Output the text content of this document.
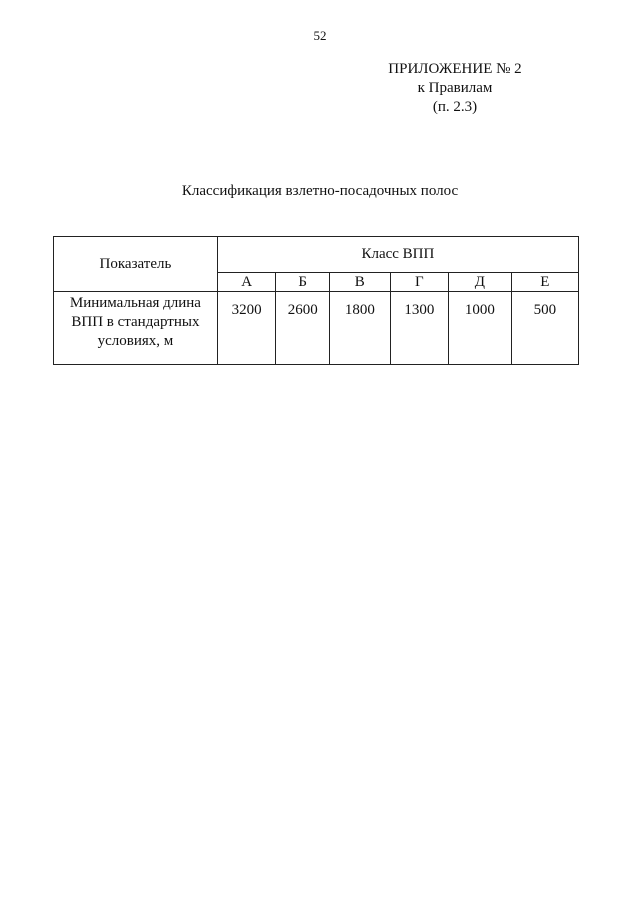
52
ПРИЛОЖЕНИЕ № 2
к Правилам
(п. 2.3)
Классификация взлетно-посадочных полос
Показатель	Класс ВПП					
	А	Б	В	Г	Д	Е

Минимальная длина
ВПП в стандартных
условиях, м	3200	2600	1800	1300	1000	500
